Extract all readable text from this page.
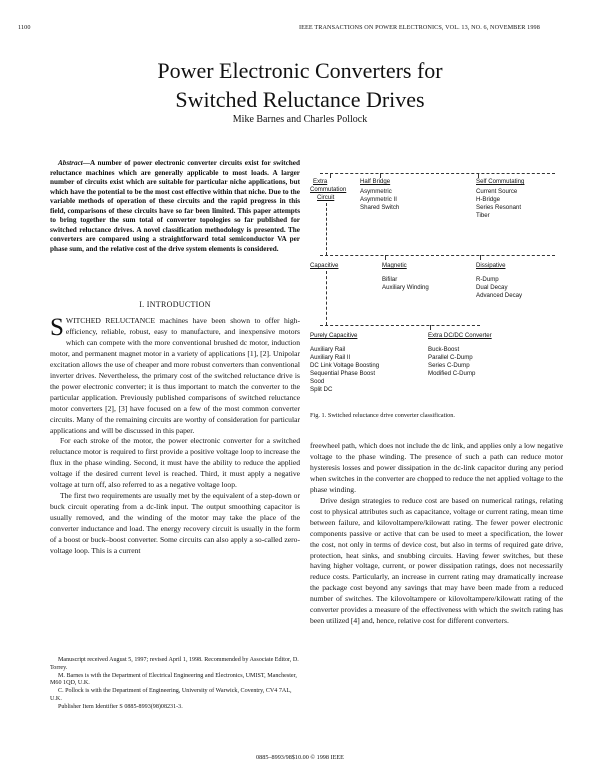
1100	IEEE TRANSACTIONS ON POWER ELECTRONICS, VOL. 13, NO. 6, NOVEMBER 1998
Power Electronic Converters for
Switched Reluctance Drives
Mike Barnes and Charles Pollock
Abstract—A number of power electronic converter circuits exist for switched reluctance machines which are generally applicable to most loads. A larger number of circuits exist which are suitable for particular niche applications, but which have the potential to be the most cost effective within that niche. Due to the variable methods of operation of these circuits and the rapid progress in this field, comparisons of these circuits have so far been limited. This paper attempts to bring together the sum total of converter topologies so far published for switched reluctance drives. A novel classification methodology is presented. The converters are compared using a straightforward total semiconductor VA per phase sum, and the relative cost of the drive system elements is considered.
I. INTRODUCTION

SWITCHED RELUCTANCE machines have been shown to offer high-efficiency, reliable, robust, easy to manufacture, and inexpensive motors which can compete with the more conventional brushed dc motor, induction motor, and permanent magnet motor in a variety of applications [1], [2]. Unipolar excitation allows the use of cheaper and more robust converters than conventional inverter drives. Nevertheless, the primary cost of the switched reluctance drive is the power electronic converter; it is thus important to match the converter to the particular application. Previously published comparisons of switched reluctance motor converters [2], [3] have focused on a few of the most common converter circuits. Many of the remaining circuits are worthy of consideration for particular applications and will be discussed in this paper.

For each stroke of the motor, the power electronic converter for a switched reluctance motor is required to first provide a positive voltage loop to increase the flux in the phase winding. Second, it must have the ability to reduce the applied voltage if the desired current level is reached. Third, it must apply a negative voltage at turn off, also referred to as a negative voltage loop.

The first two requirements are usually met by the equivalent of a step-down or buck circuit operating from a dc-link input. The output smoothing capacitor is usually removed, and the winding of the motor may take the place of the converter inductance and load. The energy recovery circuit is usually in the form of a boost or buck–boost converter. Some circuits can also apply a so-called zero-voltage loop. This is a current

Manuscript received August 5, 1997; revised April 1, 1998. Recommended by Associate Editor, D. Torrey.
M. Barnes is with the Department of Electrical Engineering and Electronics, UMIST, Manchester, M60 1QD, U.K.
C. Pollock is with the Department of Engineering, University of Warwick, Coventry, CV4 7AL, U.K.
Publisher Item Identifier S 0885-8993(98)08231-3.
Extra
Commutation
Circuit
Half Bridge
Asymmetric
Asymmetric II
Shared Switch
Self Commutating
Current Source
H-Bridge
Series Resonant
Tiber
Capacitive	Magnetic	Dissipative
Bifilar
Auxiliary Winding
R-Dump
Dual Decay
Advanced Decay
Purely Capacitive	Extra DC/DC Converter
Auxiliary Rail
Auxiliary Rail II
DC Link Voltage Boosting
Sequential Phase Boost
Sood
Split DC
Buck-Boost
Parallel C-Dump
Series C-Dump
Modified C-Dump
Fig. 1. Switched reluctance drive converter classification.

freewheel path, which does not include the dc link, and applies only a low negative voltage to the phase winding. The presence of such a path can reduce motor hysteresis losses and power dissipation in the dc-link capacitor during any period when switches in the converter are chopped to reduce the net applied voltage to the phase winding.

Drive design strategies to reduce cost are based on numerical ratings, relating cost to physical attributes such as capacitance, voltage or current rating, mean time between failure, and kilovoltampere/kilowatt rating. The fewer power electronic components passive or active that can be used to meet a specification, the lower the cost, not only in terms of device cost, but also in terms of required gate drive, protection, heat sinks, and snubbing circuits. Having fewer switches, but these having higher voltage, current, or power dissipation ratings, does not necessarily reduce costs. Particularly, an increase in current rating may dramatically increase the package cost beyond any savings that may have been made from a reduced number of switches. The kilovoltampere or kilovoltampere/kilowatt rating of the converter provides a measure of the effectiveness with which the switch rating has been utilized [4] and, hence, relative cost for different converters.

0885–8993/98$10.00 © 1998 IEEE
